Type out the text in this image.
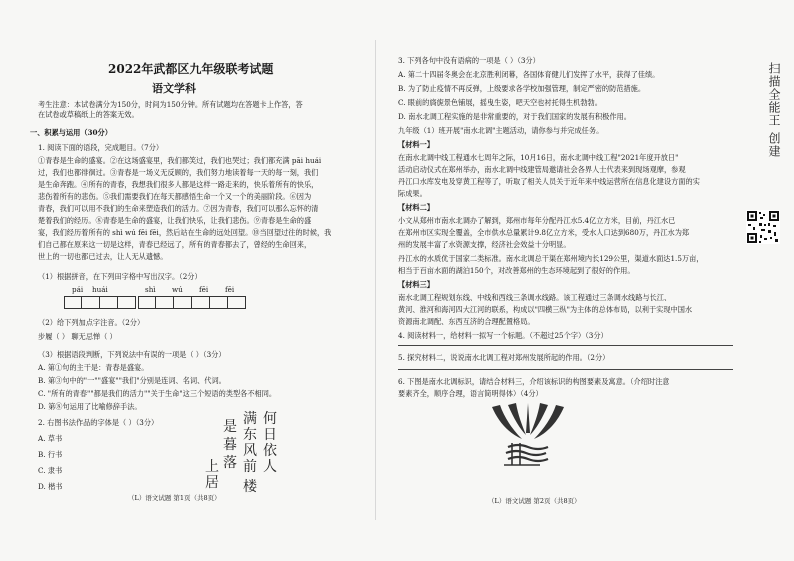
2022年武都区九年级联考试题
语文学科
考生注意：本试卷满分为150分，时间为150分钟。所有试题均在答题卡上作答，答
在试卷或草稿纸上的答案无效。
一、积累与运用（30分）
1. 阅读下面的语段，完成题目。（7分）
①青春是生命的盛宴。②在这场盛宴里，我们都笑过，我们也哭过；我们都充满 pāi huái
过，我们也都徘徊过。③青春是一场义无反顾的，我们努力地读着每一天的每一刻，我们
是生命奔跑。④所有的青春，我想我们很多人都是这样一路走来的，快乐着所有的快乐，
悲伤着所有的悲伤。⑤我们需要我们在每天都感悟生命一个又一个的美丽阶段。⑥因为
青春，我们可以用不我们的生命来塑造我们的活力。⑦因为青春，我们可以那么忘怀的清
楚着我们的经历。⑧青春是生命的盛宴，让我们快乐，让我们悲伤。⑨青春是生命的盛
宴，我们经历着所有的 shì wú fēi fēi，然后站在生命的远处回望。⑩当回望过往的时候，我
们自己都在原来这一切是这样，青春已经远了，所有的青春都去了，曾经的生命回来，
世上的一切也都已过去，让人无从遗憾。
（1）根据拼音，在下列田字格中写出汉字。（2分）
pái huái	shì wú fēi fēi
（2）给下列加点字注音。（2分）
步履（ ） 聊无忌惮（ ）
（3）根据语段判断，下列说法中有误的一项是（ ）（3分）
A. 第①句的主干是：青春是盛宴。
B. 第③句中的"一""盛宴""我们"分别是连词、名词、代词。
C. "所有的青春""都是我们的活力""关于生命"这三个短语的类型各不相同。
D. 第⑧句运用了比喻修辞手法。
2. 右图书法作品的字体是（ ）（3分）
A. 草书
B. 行书
C. 隶书
D. 楷书
何
日
依
人
满
东
风
前
是
暮
落
上
居 楼
（L）语文试题 第1页（共8页）
3. 下列各句中没有语病的一项是（ ）（3分）
A. 第二十四届冬奥会在北京胜利闭幕，各国体育健儿们发挥了水平，获得了佳绩。
B. 为了防止疫情不再反弹，上级要求各学校加强管理，制定严密的防范措施。
C. 眼前的旖旎景色铺展，摇曳生姿，吧天空也衬托得生机勃勃。
D. 南水北调工程实施的是非常重要的，对于我们国家的发展有积极作用。
九年级（1）班开展"南水北调"主题活动，请你参与并完成任务。
【材料一】
在南水北调中线工程通水七周年之际，10月16日，南水北调中线工程"2021年度开放日"
活动启动仪式在郑州举办，南水北调中线建管局邀请社会各界人士代表来到现场观摩，参观
丹江口水库发电及穿黄工程等了，听取了相关人员关于近年来中线运营所在信息化建设方面的实
际成果。
【材料二】
小文从郑州市南水北调办了解到，郑州市每年分配丹江水5.4亿立方米，目前，丹江水已
在郑州市区实现全覆盖，全市供水总量累计9.8亿立方米，受水人口达到680万，丹江水为郑
州的发展丰富了水资源支撑，经济社会效益十分明显。
丹江水的水质优于国家二类标准。南水北调总干渠在郑州境内长129公里，渠道水面达1.5万亩，
相当于百亩水面的湖泊150个，对改善郑州的生态环境起到了很好的作用。
【材料三】
南水北调工程规划东线、中线和西线三条调水线路。该工程通过三条调水线路与长江、
黄河、淮河和海河四大江河的联系，构成以"四横三纵"为主体的总体布局，以利于实现中国水
资源南北调配、东西互济的合理配置格局。
4. 阅读材料一，给材料一拟写一个标题。（不超过25个字）（3分）
5. 探究材料二，说说南水北调工程对郑州发展所起的作用。（2分）
6. 下图是南水北调标识，请结合材料三，介绍该标识的构图要素及寓意。（介绍时注意
要素齐全，顺序合理，语言简明得体）（4分）
（L）语文试题 第2页（共8页）
扫描全能王 创建
